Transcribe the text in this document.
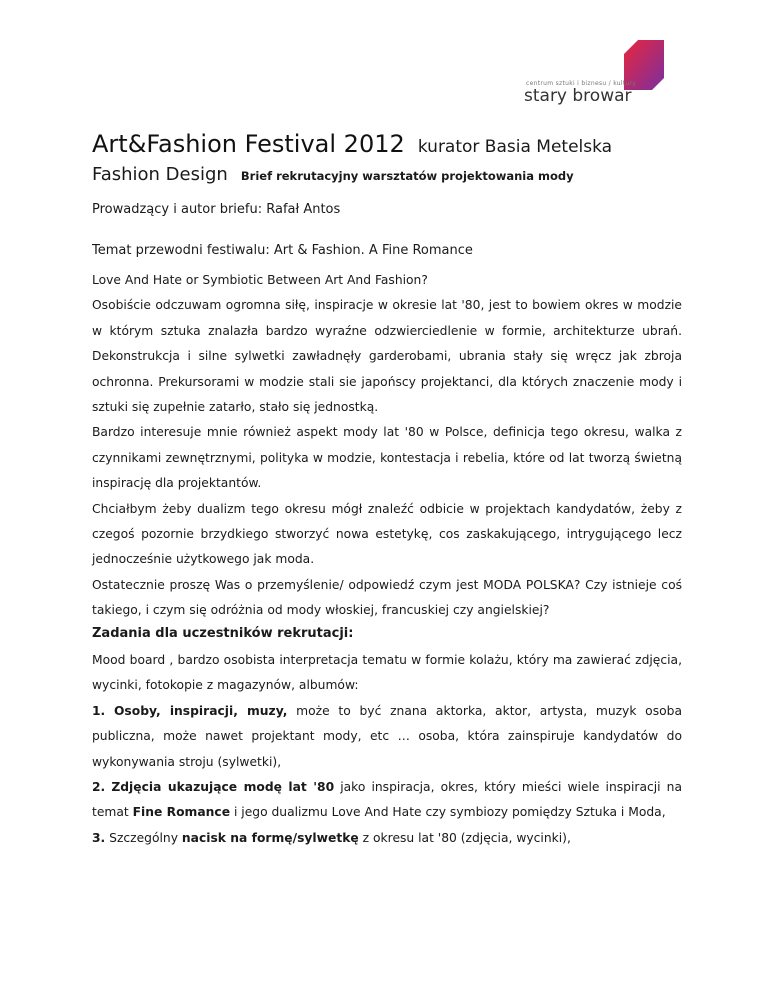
centrum sztuki i biznesu / kultury
stary browar
Art&Fashion Festival 2012 kurator Basia Metelska
Fashion Design Brief rekrutacyjny warsztatów projektowania mody
Prowadzący i autor briefu: Rafał Antos
Temat przewodni festiwalu: Art & Fashion. A Fine Romance

Love And Hate or Symbiotic Between Art And Fashion?

Osobiście odczuwam ogromna siłę, inspiracje w okresie lat '80, jest to bowiem okres w modzie w którym sztuka znalazła bardzo wyraźne odzwierciedlenie w formie, architekturze ubrań. Dekonstrukcja i silne sylwetki zawładnęły garderobami, ubrania stały się wręcz jak zbroja ochronna. Prekursorami w modzie stali sie japońscy projektanci, dla których znaczenie mody i sztuki się zupełnie zatarło, stało się jednostką.

Bardzo interesuje mnie również aspekt mody lat '80 w Polsce, definicja tego okresu, walka z czynnikami zewnętrznymi, polityka w modzie, kontestacja i rebelia, które od lat tworzą świetną inspirację dla projektantów.

Chciałbym żeby dualizm tego okresu mógł znaleźć odbicie w projektach kandydatów, żeby z czegoś pozornie brzydkiego stworzyć nowa estetykę, cos zaskakującego, intrygującego lecz jednocześnie użytkowego jak moda.

Ostatecznie proszę Was o przemyślenie/ odpowiedź czym jest MODA POLSKA? Czy istnieje coś takiego, i czym się odróżnia od mody włoskiej, francuskiej czy angielskiej?

Zadania dla uczestników rekrutacji:

Mood board , bardzo osobista interpretacja tematu w formie kolażu, który ma zawierać zdjęcia, wycinki, fotokopie z magazynów, albumów:

1. Osoby, inspiracji, muzy, może to być znana aktorka, aktor, artysta, muzyk osoba publiczna, może nawet projektant mody, etc … osoba, która zainspiruje kandydatów do wykonywania stroju (sylwetki),

2. Zdjęcia ukazujące modę lat '80 jako inspiracja, okres, który mieści wiele inspiracji na temat Fine Romance i jego dualizmu Love And Hate czy symbiozy pomiędzy Sztuka i Moda,

3. Szczególny nacisk na formę/sylwetkę z okresu lat '80 (zdjęcia, wycinki),
